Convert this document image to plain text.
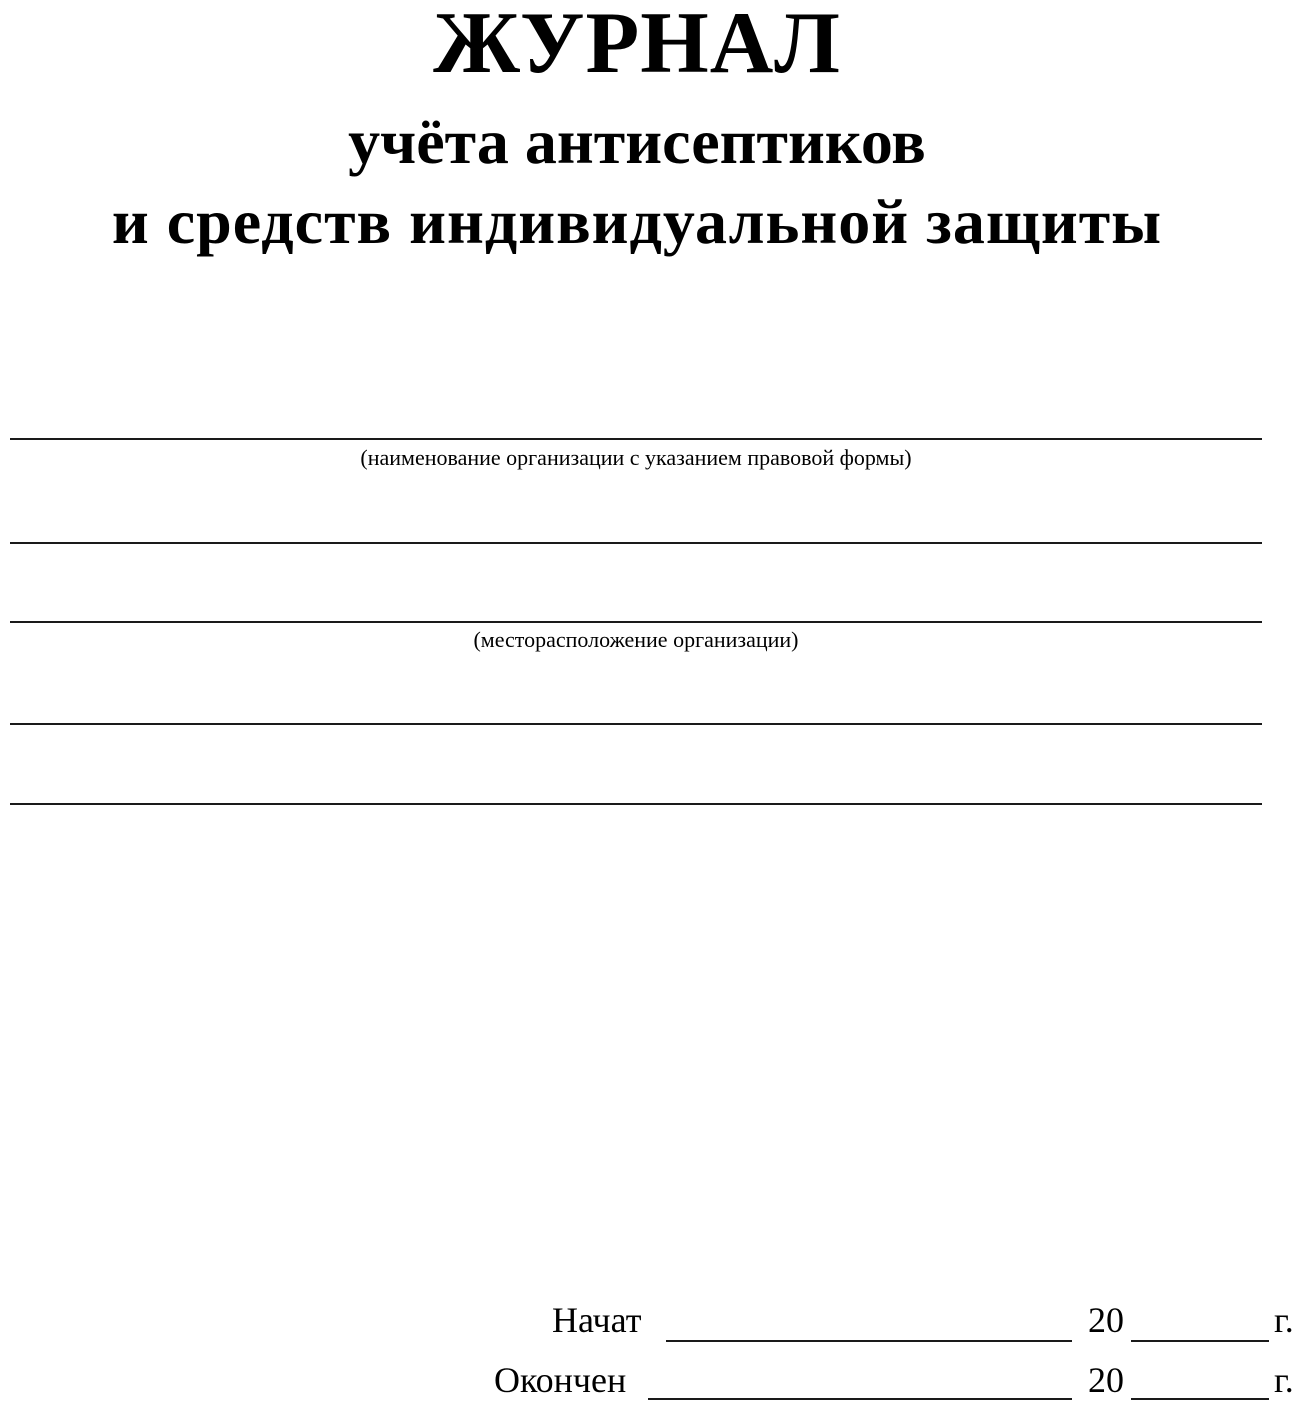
ЖУРНАЛ
учёта антисептиков
и средств индивидуальной защиты
(наименование организации с указанием правовой формы)
(месторасположение организации)
Начат	20	г.
Окончен	20	г.
